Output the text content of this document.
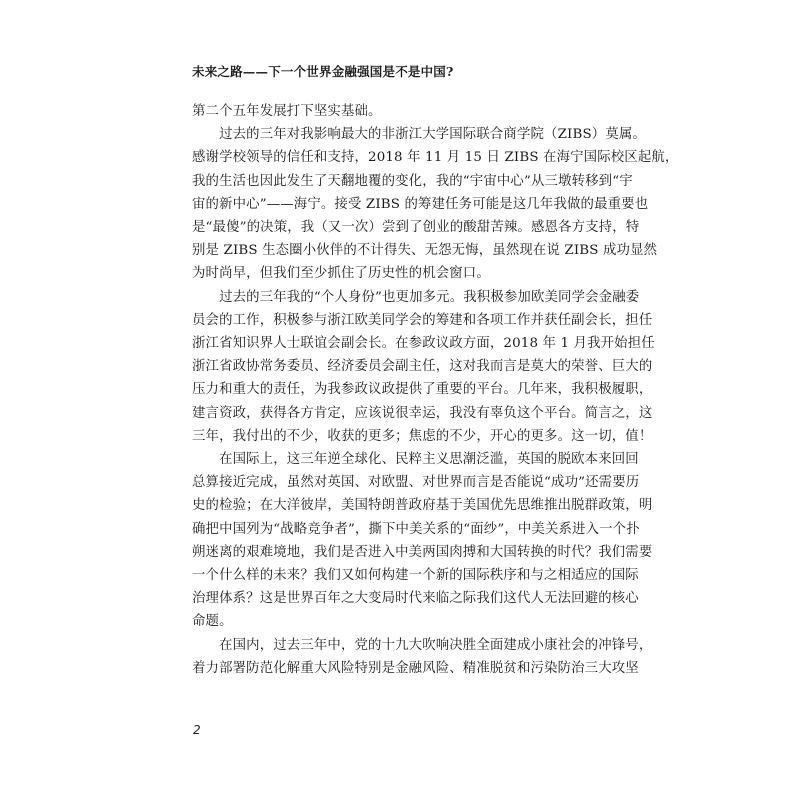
未来之路——下一个世界金融强国是不是中国?
第二个五年发展打下坚实基础。
　　过去的三年对我影响最大的非浙江大学国际联合商学院（ZIBS）莫属。
感谢学校领导的信任和支持，2018 年 11 月 15 日 ZIBS 在海宁国际校区起航，
我的生活也因此发生了天翻地覆的变化，我的“宇宙中心”从三墩转移到“宇
宙的新中心”——海宁。接受 ZIBS 的筹建任务可能是这几年我做的最重要也
是“最傻”的决策，我（又一次）尝到了创业的酸甜苦辣。感恩各方支持，特
别是 ZIBS 生态圈小伙伴的不计得失、无怨无悔，虽然现在说 ZIBS 成功显然
为时尚早，但我们至少抓住了历史性的机会窗口。
　　过去的三年我的“个人身份”也更加多元。我积极参加欧美同学会金融委
员会的工作，积极参与浙江欧美同学会的筹建和各项工作并获任副会长，担任
浙江省知识界人士联谊会副会长。在参政议政方面，2018 年 1 月我开始担任
浙江省政协常务委员、经济委员会副主任，这对我而言是莫大的荣誉、巨大的
压力和重大的责任，为我参政议政提供了重要的平台。几年来，我积极履职，
建言资政，获得各方肯定，应该说很幸运，我没有辜负这个平台。简言之，这
三年，我付出的不少，收获的更多；焦虑的不少，开心的更多。这一切，值！
　　在国际上，这三年逆全球化、民粹主义思潮泛滥，英国的脱欧本来回回
总算接近完成，虽然对英国、对欧盟、对世界而言是否能说“成功”还需要历
史的检验；在大洋彼岸，美国特朗普政府基于美国优先思维推出脱群政策，明
确把中国列为“战略竞争者”，撕下中美关系的“面纱”，中美关系进入一个扑
朔迷离的艰难境地，我们是否进入中美两国肉搏和大国转换的时代？我们需要
一个什么样的未来？我们又如何构建一个新的国际秩序和与之相适应的国际
治理体系？这是世界百年之大变局时代来临之际我们这代人无法回避的核心
命题。
　　在国内，过去三年中，党的十九大吹响决胜全面建成小康社会的冲锋号，
着力部署防范化解重大风险特别是金融风险、精准脱贫和污染防治三大攻坚
2
